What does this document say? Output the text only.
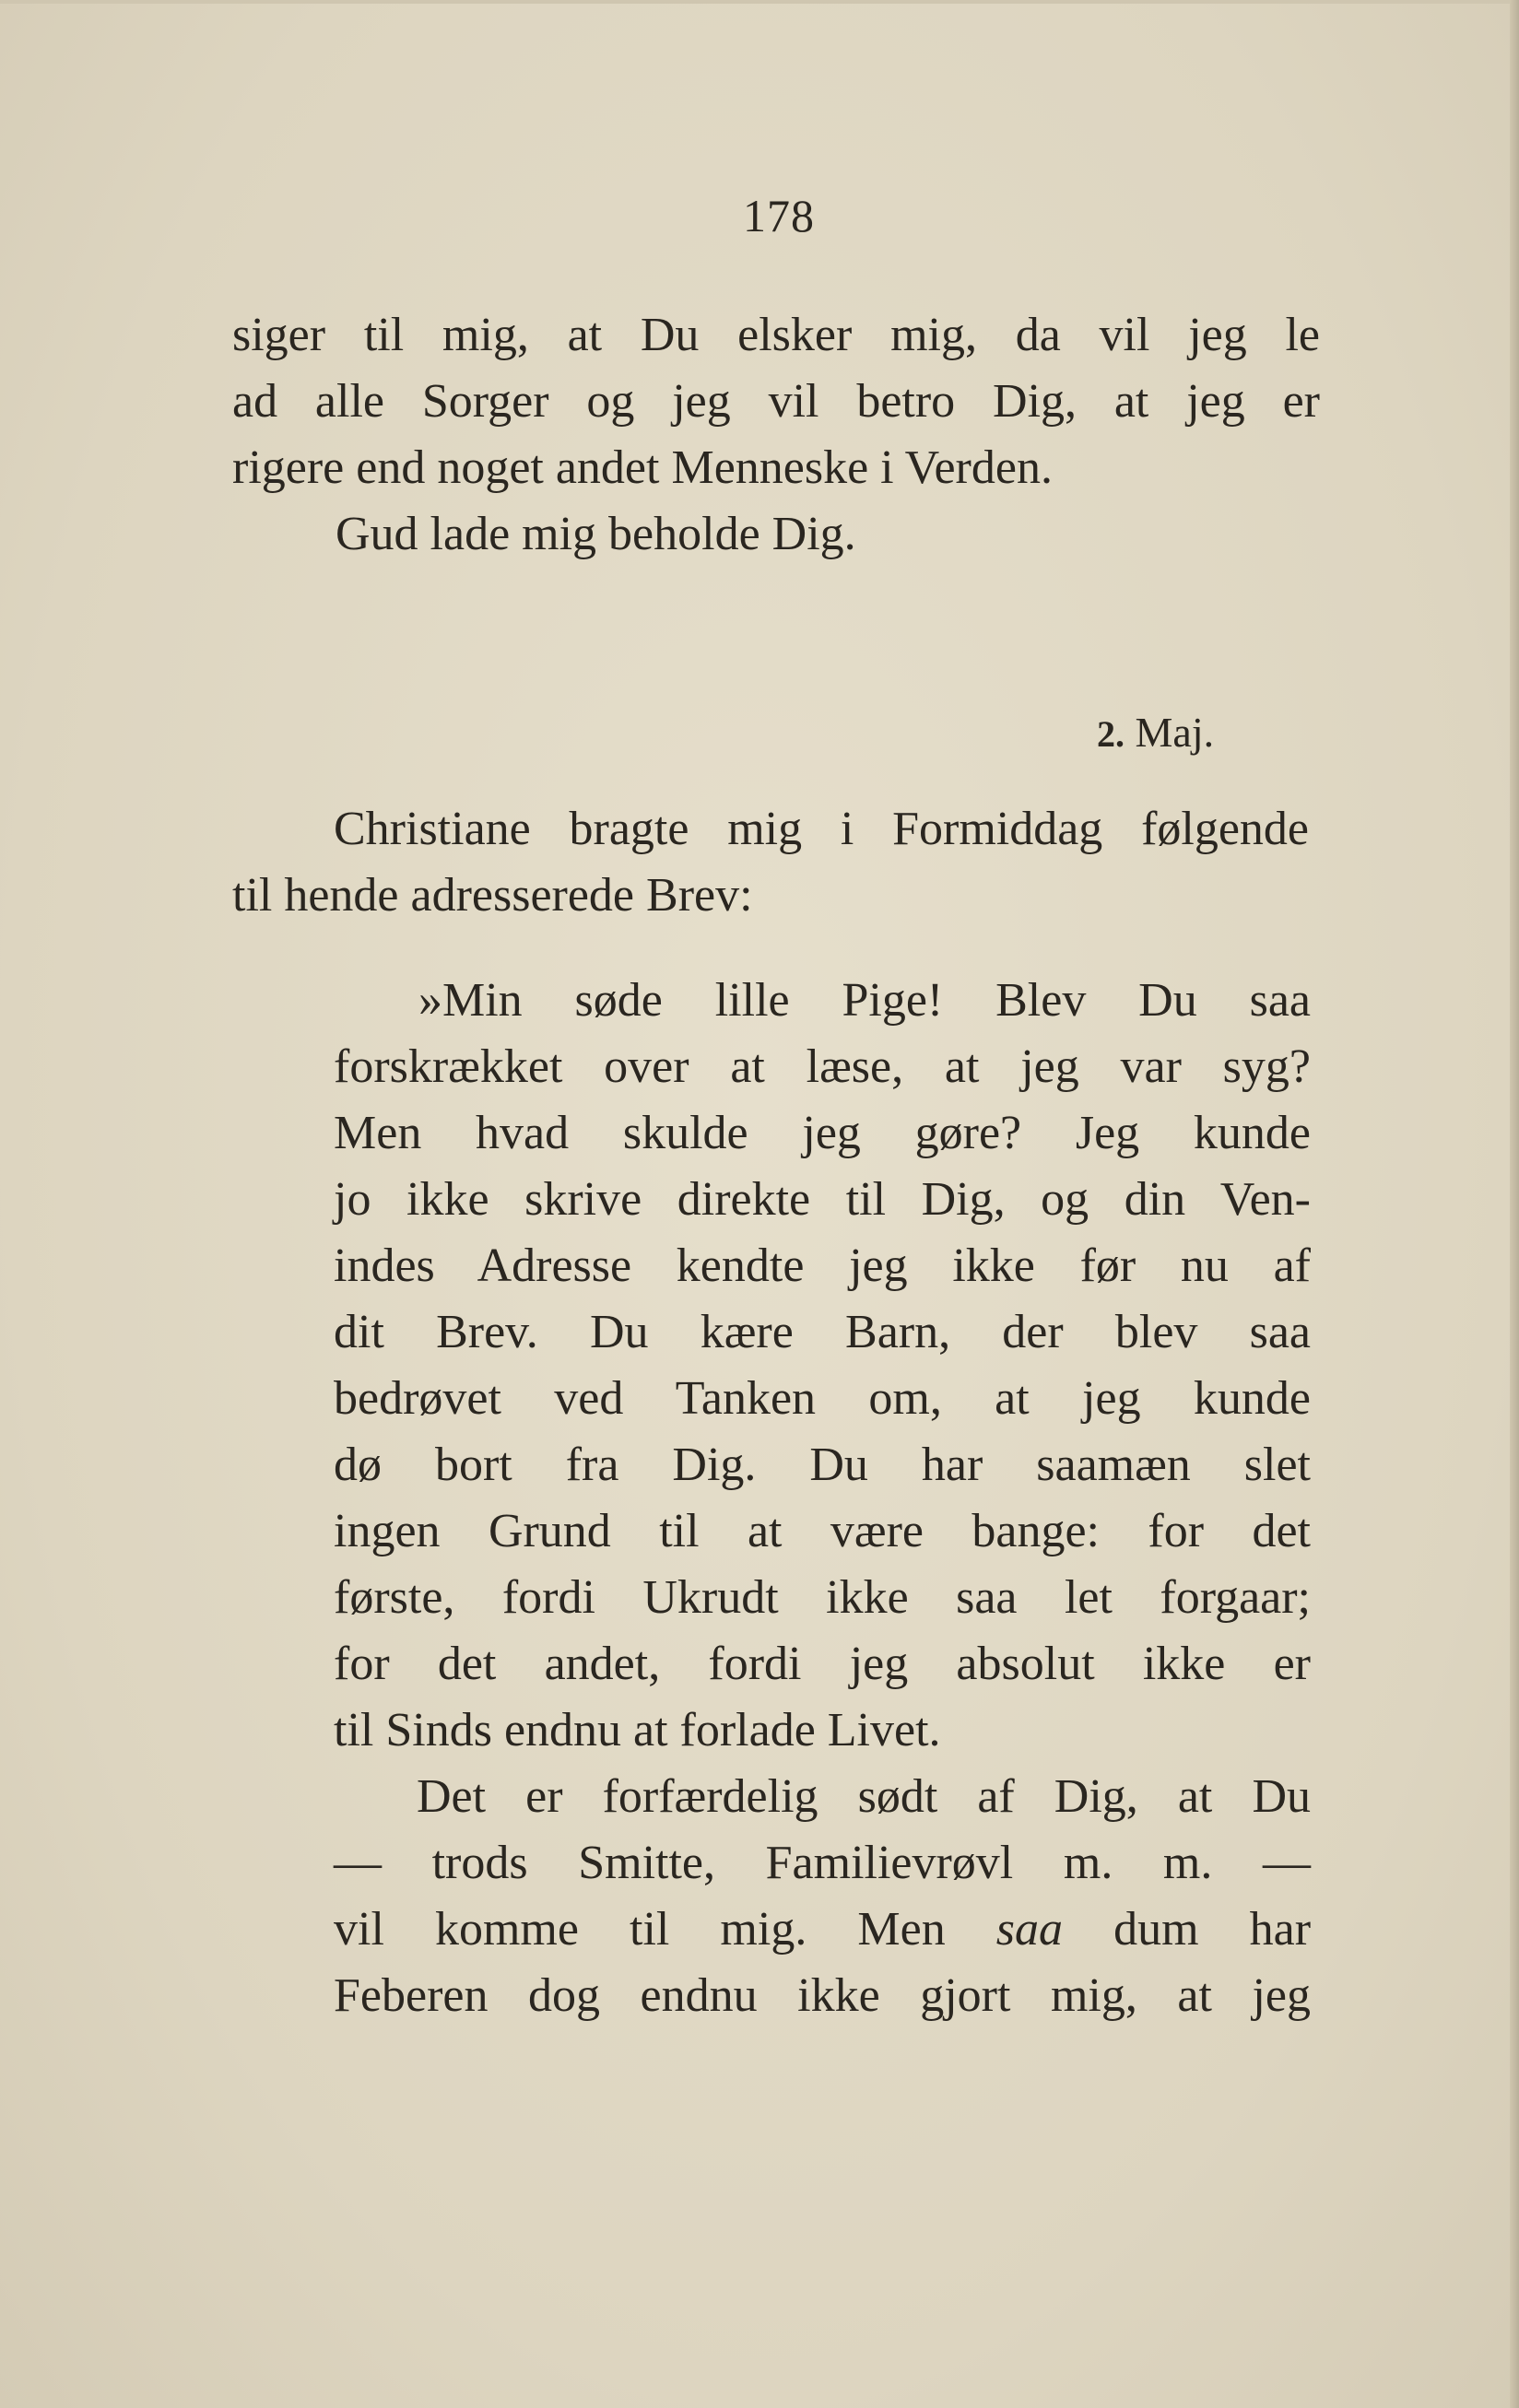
178
siger til mig, at Du elsker mig, da vil jeg le
ad alle Sorger og jeg vil betro Dig, at jeg er
rigere end noget andet Menneske i Verden.
Gud lade mig beholde Dig.
2. Maj.
Christiane bragte mig i Formiddag følgende
til hende adresserede Brev:
»Min søde lille Pige! Blev Du saa
forskrækket over at læse, at jeg var syg?
Men hvad skulde jeg gøre? Jeg kunde
jo ikke skrive direkte til Dig, og din Ven-
indes Adresse kendte jeg ikke før nu af
dit Brev. Du kære Barn, der blev saa
bedrøvet ved Tanken om, at jeg kunde
dø bort fra Dig. Du har saamæn slet
ingen Grund til at være bange: for det
første, fordi Ukrudt ikke saa let forgaar;
for det andet, fordi jeg absolut ikke er
til Sinds endnu at forlade Livet.
Det er forfærdelig sødt af Dig, at Du
— trods Smitte, Familievrøvl m. m. —
vil komme til mig. Men saa dum har
Feberen dog endnu ikke gjort mig, at jeg
